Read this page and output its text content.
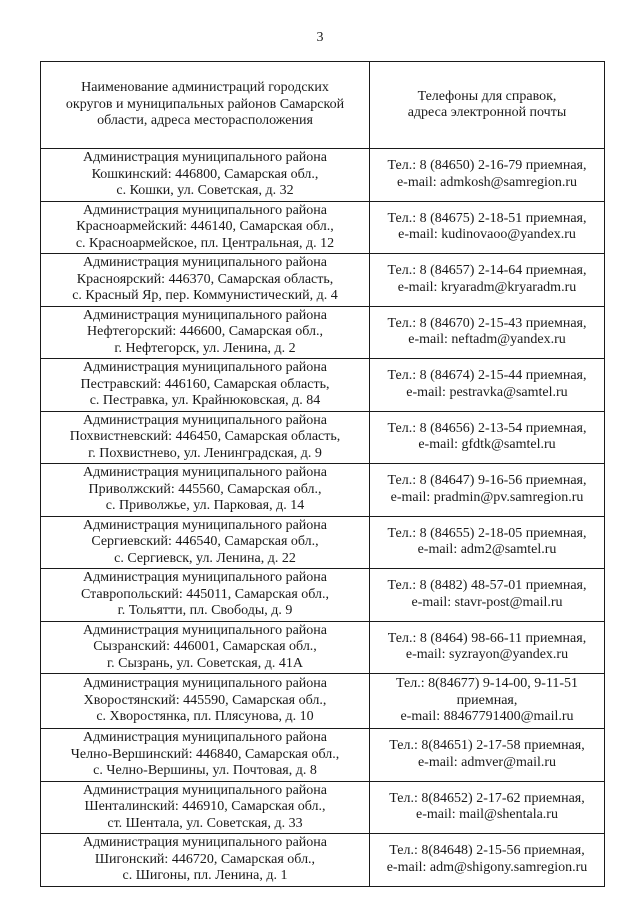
3
Наименование администраций городских
округов и муниципальных районов Самарской
области, адреса месторасположения	Телефоны для справок,
адреса электронной почты

Администрация муниципального района
Кошкинский: 446800, Самарская обл.,
с. Кошки, ул. Советская, д. 32	Тел.: 8 (84650) 2-16-79 приемная,
e-mail: admkosh@samregion.ru

Администрация муниципального района
Красноармейский: 446140, Самарская обл.,
с. Красноармейское, пл. Центральная, д. 12	Тел.: 8 (84675) 2-18-51 приемная,
e-mail: kudinovaoo@yandex.ru

Администрация муниципального района
Красноярский: 446370, Самарская область,
с. Красный Яр, пер. Коммунистический, д. 4	Тел.: 8 (84657) 2-14-64 приемная,
e-mail: kryaradm@kryaradm.ru

Администрация муниципального района
Нефтегорский: 446600, Самарская обл.,
г. Нефтегорск, ул. Ленина, д. 2	Тел.: 8 (84670) 2-15-43 приемная,
e-mail: neftadm@yandex.ru

Администрация муниципального района
Пестравский: 446160, Самарская область,
с. Пестравка, ул. Крайнюковская, д. 84	Тел.: 8 (84674) 2-15-44 приемная,
e-mail: pestravka@samtel.ru

Администрация муниципального района
Похвистневский: 446450, Самарская область,
г. Похвистнево, ул. Ленинградская, д. 9	Тел.: 8 (84656) 2-13-54 приемная,
e-mail: gfdtk@samtel.ru

Администрация муниципального района
Приволжский: 445560, Самарская обл.,
с. Приволжье, ул. Парковая, д. 14	Тел.: 8 (84647) 9-16-56 приемная,
e-mail: pradmin@pv.samregion.ru

Администрация муниципального района
Сергиевский: 446540, Самарская обл.,
с. Сергиевск, ул. Ленина, д. 22	Тел.: 8 (84655) 2-18-05 приемная,
e-mail: adm2@samtel.ru

Администрация муниципального района
Ставропольский: 445011, Самарская обл.,
г. Тольятти, пл. Свободы, д. 9	Тел.: 8 (8482) 48-57-01 приемная,
e-mail: stavr-post@mail.ru

Администрация муниципального района
Сызранский: 446001, Самарская обл.,
г. Сызрань, ул. Советская, д. 41А	Тел.: 8 (8464) 98-66-11 приемная,
e-mail: syzrayon@yandex.ru

Администрация муниципального района
Хворостянский: 445590, Самарская обл.,
с. Хворостянка, пл. Плясунова, д. 10	Тел.: 8(84677) 9-14-00, 9-11-51
приемная,
e-mail: 88467791400@mail.ru

Администрация муниципального района
Челно-Вершинский: 446840, Самарская обл.,
с. Челно-Вершины, ул. Почтовая, д. 8	Тел.: 8(84651) 2-17-58 приемная,
e-mail: admver@mail.ru

Администрация муниципального района
Шенталинский: 446910, Самарская обл.,
ст. Шентала, ул. Советская, д. 33	Тел.: 8(84652) 2-17-62 приемная,
e-mail: mail@shentala.ru

Администрация муниципального района
Шигонский: 446720, Самарская обл.,
с. Шигоны, пл. Ленина, д. 1	Тел.: 8(84648) 2-15-56 приемная,
e-mail: adm@shigony.samregion.ru
